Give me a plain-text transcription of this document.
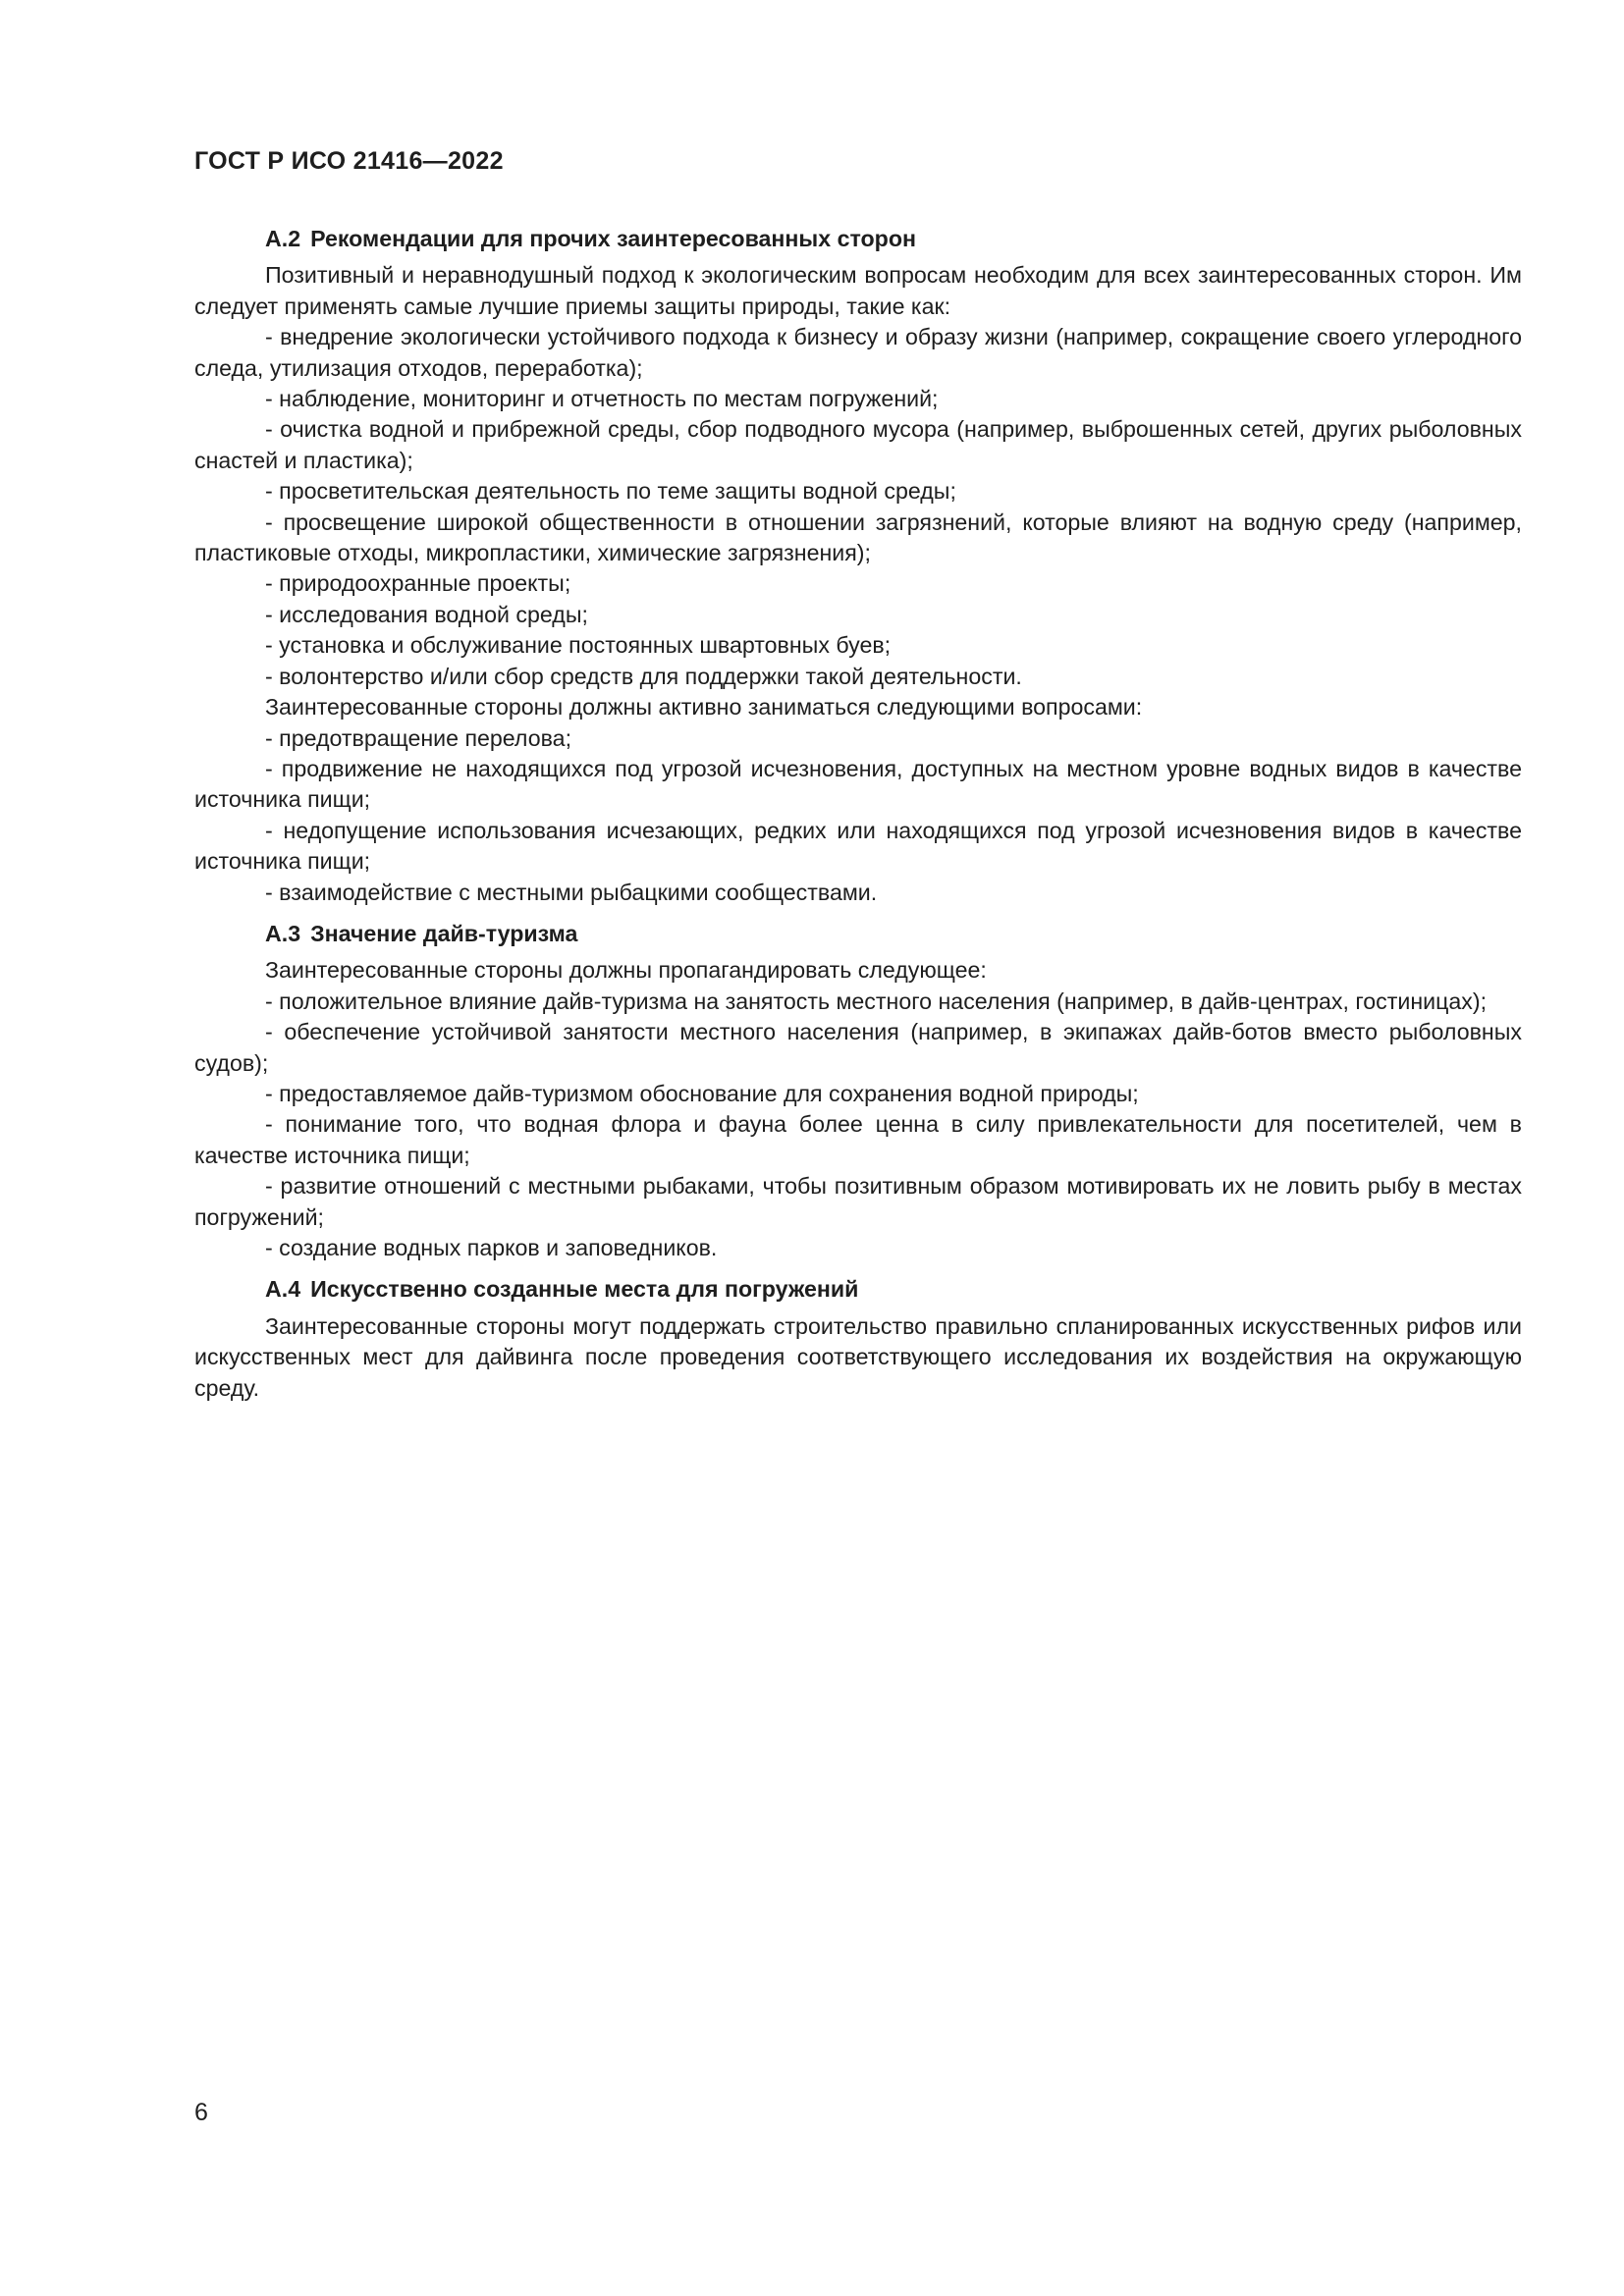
ГОСТ Р ИСО 21416—2022
А.2 Рекомендации для прочих заинтересованных сторон

Позитивный и неравнодушный подход к экологическим вопросам необходим для всех заинтересованных сторон. Им следует применять самые лучшие приемы защиты природы, такие как:

- внедрение экологически устойчивого подхода к бизнесу и образу жизни (например, сокращение своего углеродного следа, утилизация отходов, переработка);

- наблюдение, мониторинг и отчетность по местам погружений;

- очистка водной и прибрежной среды, сбор подводного мусора (например, выброшенных сетей, других рыболовных снастей и пластика);

- просветительская деятельность по теме защиты водной среды;

- просвещение широкой общественности в отношении загрязнений, которые влияют на водную среду (например, пластиковые отходы, микропластики, химические загрязнения);

- природоохранные проекты;

- исследования водной среды;

- установка и обслуживание постоянных швартовных буев;

- волонтерство и/или сбор средств для поддержки такой деятельности.

Заинтересованные стороны должны активно заниматься следующими вопросами:

- предотвращение перелова;

- продвижение не находящихся под угрозой исчезновения, доступных на местном уровне водных видов в качестве источника пищи;

- недопущение использования исчезающих, редких или находящихся под угрозой исчезновения видов в качестве источника пищи;

- взаимодействие с местными рыбацкими сообществами.

А.3 Значение дайв-туризма

Заинтересованные стороны должны пропагандировать следующее:

- положительное влияние дайв-туризма на занятость местного населения (например, в дайв-центрах, гостиницах);

- обеспечение устойчивой занятости местного населения (например, в экипажах дайв-ботов вместо рыболовных судов);

- предоставляемое дайв-туризмом обоснование для сохранения водной природы;

- понимание того, что водная флора и фауна более ценна в силу привлекательности для посетителей, чем в качестве источника пищи;

- развитие отношений с местными рыбаками, чтобы позитивным образом мотивировать их не ловить рыбу в местах погружений;

- создание водных парков и заповедников.

А.4 Искусственно созданные места для погружений

Заинтересованные стороны могут поддержать строительство правильно спланированных искусственных рифов или искусственных мест для дайвинга после проведения соответствующего исследования их воздействия на окружающую среду.

6
